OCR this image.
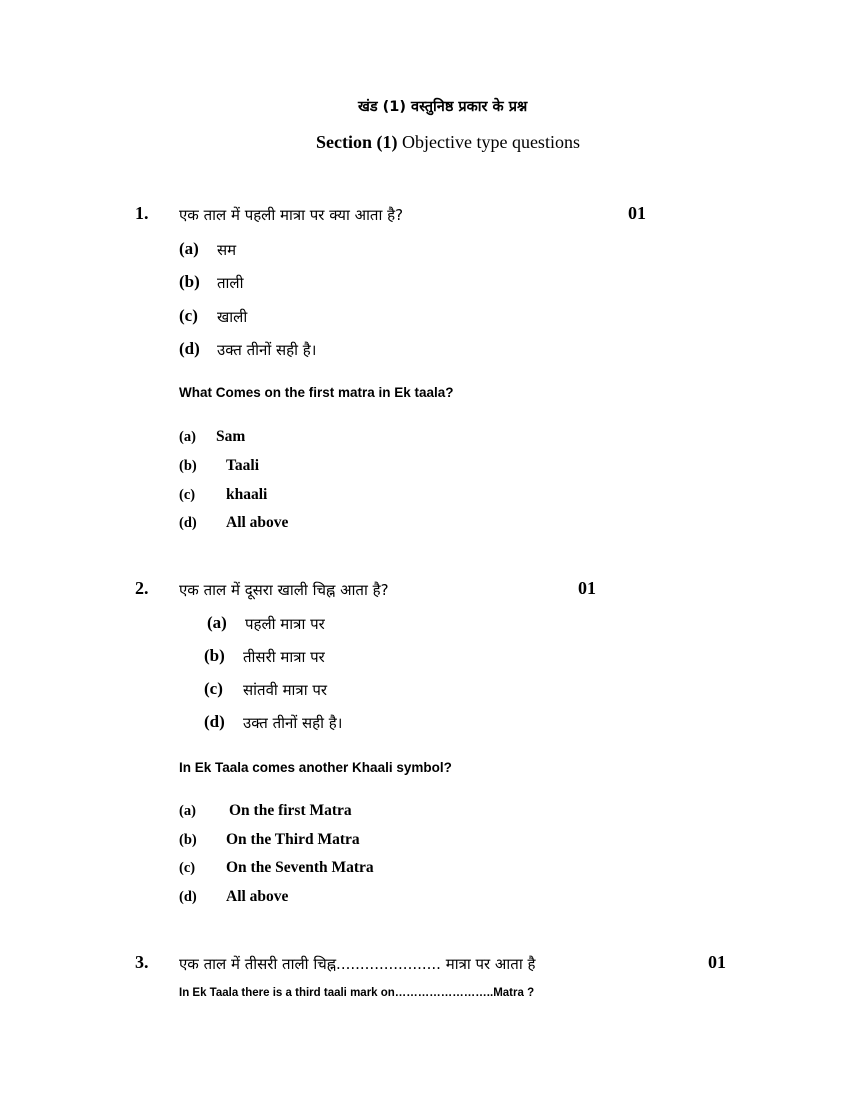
खंड (1) वस्तुनिष्ठ प्रकार के प्रश्न
Section (1) Objective type questions
1. एक ताल में पहली मात्रा पर क्या आता है?	01
(a) सम
(b) ताली
(c) खाली
(d) उक्त तीनों सही है।
What Comes on the first matra in Ek taala?
(a) Sam
(b) Taali
(c) khaali
(d) All above
2. एक ताल में दूसरा खाली चिह्न आता है?	01
(a) पहली मात्रा पर
(b) तीसरी मात्रा पर
(c) सांतवी मात्रा पर
(d) उक्त तीनों सही है।
In Ek Taala comes another Khaali symbol?
(a) On the first Matra
(b) On the Third Matra
(c) On the Seventh Matra
(d) All above
3. एक ताल में तीसरी ताली चिह्न...................... मात्रा पर आता है	01
In Ek Taala there is a third taali mark on……………………..Matra ?
